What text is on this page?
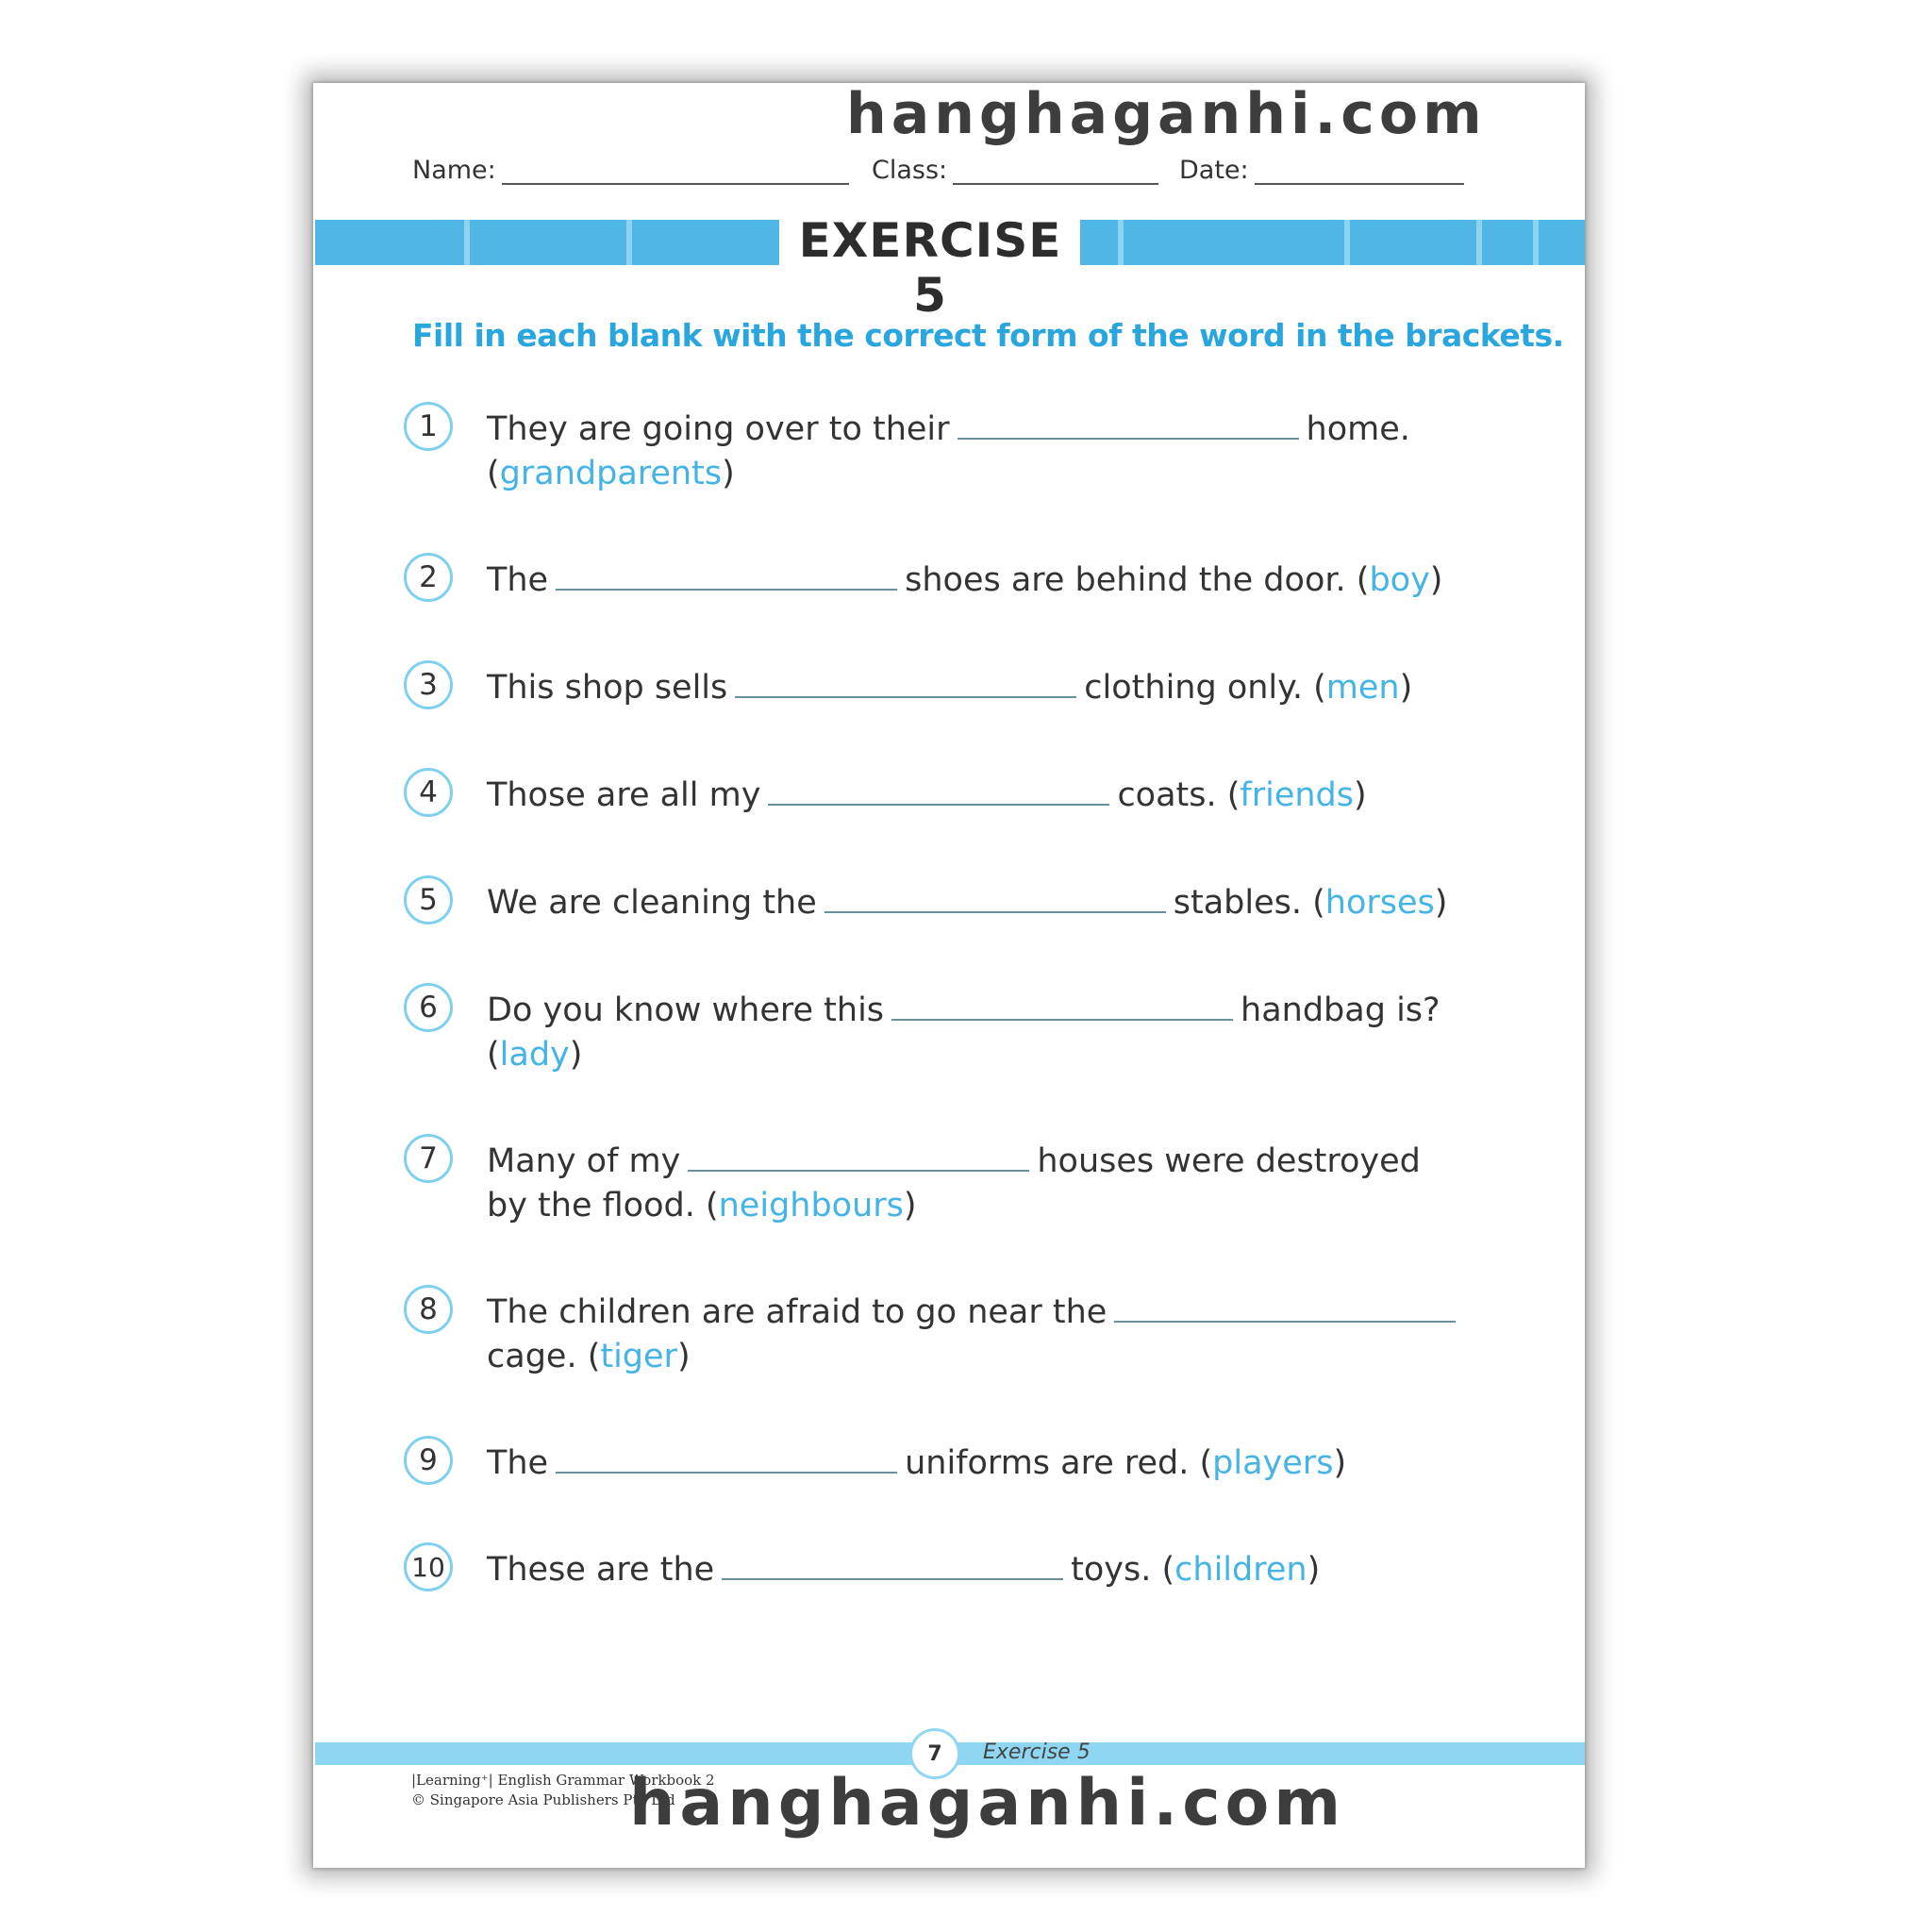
hanghaganhi.com
Name:	Class:	Date:
EXERCISE 5
Fill in each blank with the correct form of the word in the brackets.
1	They are going over to their	home.
(grandparents)
2	The	shoes are behind the door. (boy)
3	This shop sells	clothing only. (men)
4	Those are all my	coats. (friends)
5	We are cleaning the	stables. (horses)
6	Do you know where this	handbag is?
(lady)
7	Many of my	houses were destroyed
by the flood. (neighbours)
8	The children are afraid to go near the
cage. (tiger)
9	The	uniforms are red. (players)
10 These are the	toys. (children)
7	Exercise 5
|Learning⁺| English Grammar Workbook 2
© Singapore Asia Publishers Pte Ltd
hanghaganhi.com
